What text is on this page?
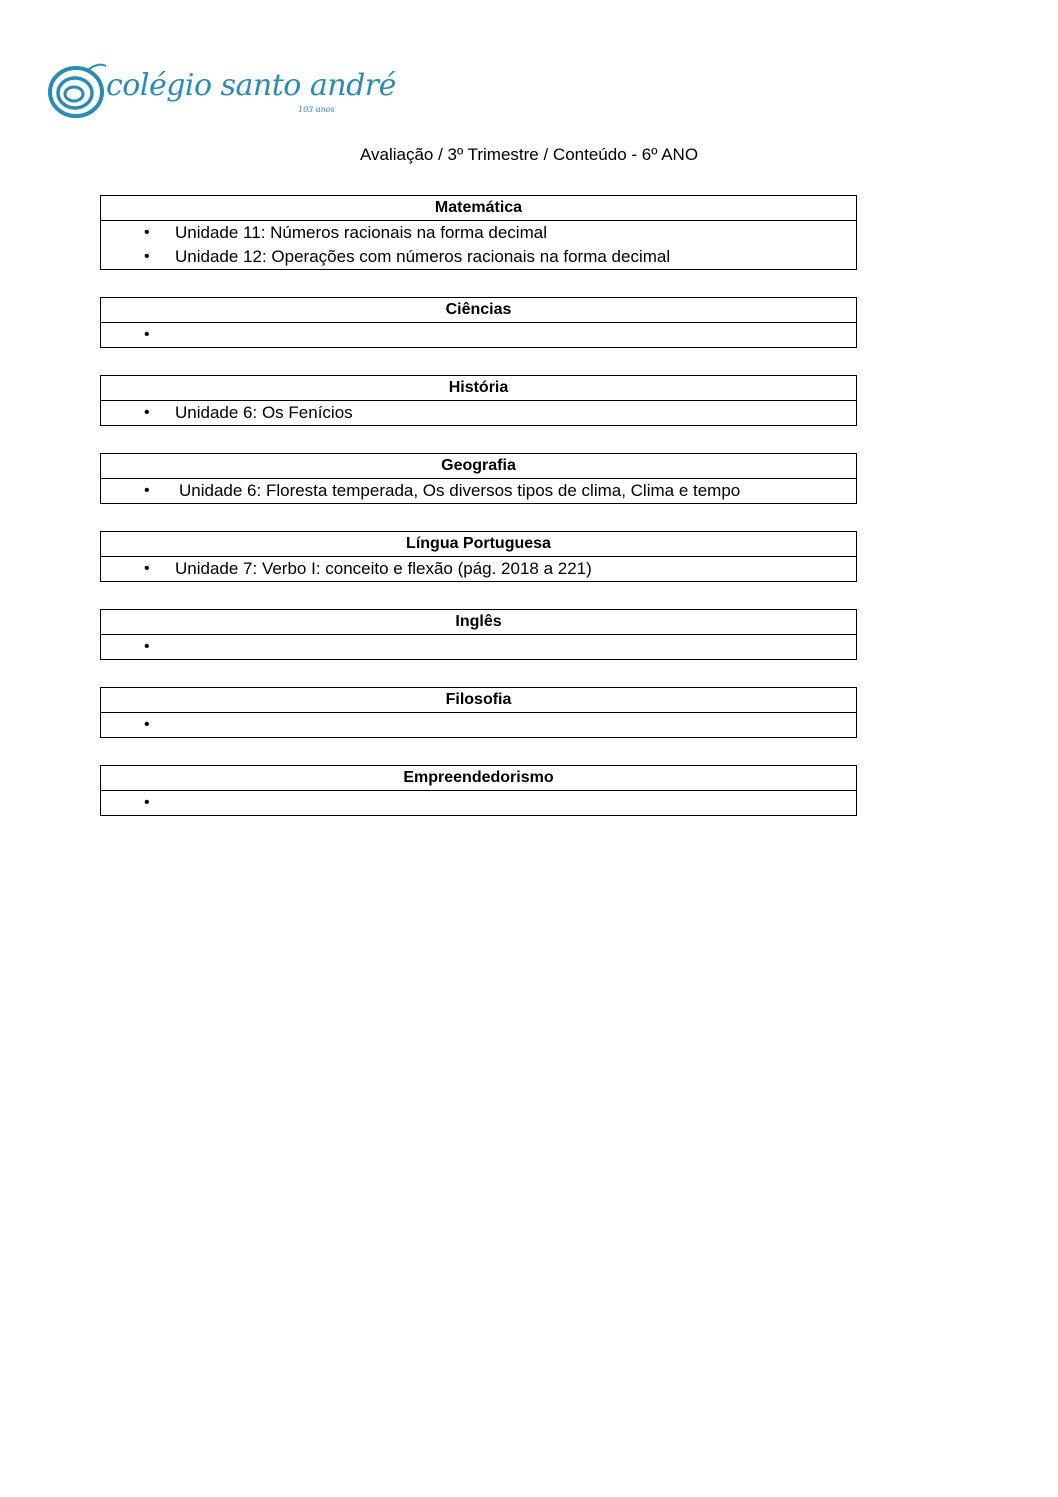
colégio santo andré
103 anos
Avaliação / 3º Trimestre / Conteúdo - 6º ANO
Matemática
• Unidade 11: Números racionais na forma decimal
• Unidade 12: Operações com números racionais na forma decimal
Ciências
•
História
• Unidade 6: Os Fenícios
Geografia
• Unidade 6: Floresta temperada, Os diversos tipos de clima, Clima e tempo
Língua Portuguesa
• Unidade 7: Verbo I: conceito e flexão (pág. 2018 a 221)
Inglês
•
Filosofia
•
Empreendedorismo
•
